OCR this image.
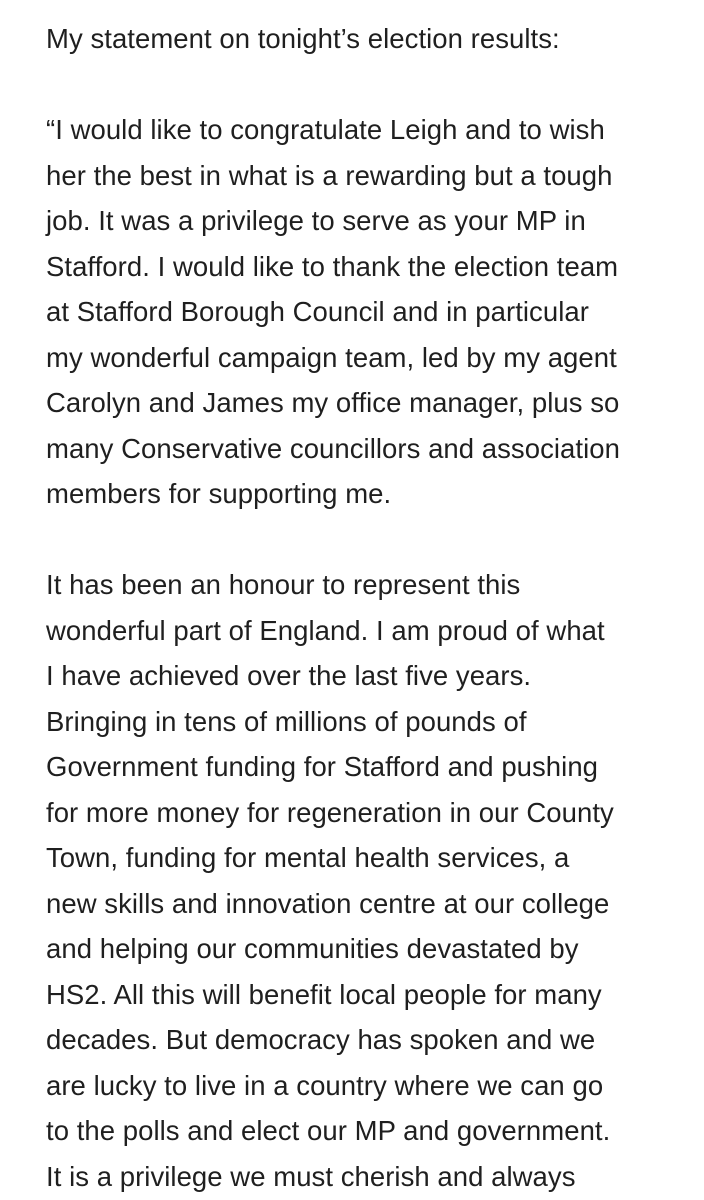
My statement on tonight’s election results:
“I would like to congratulate Leigh and to wish
her the best in what is a rewarding but a tough
job. It was a privilege to serve as your MP in
Stafford. I would like to thank the election team
at Stafford Borough Council and in particular
my wonderful campaign team, led by my agent
Carolyn and James my office manager, plus so
many Conservative councillors and association
members for supporting me.
It has been an honour to represent this
wonderful part of England. I am proud of what
I have achieved over the last five years.
Bringing in tens of millions of pounds of
Government funding for Stafford and pushing
for more money for regeneration in our County
Town, funding for mental health services, a
new skills and innovation centre at our college
and helping our communities devastated by
HS2. All this will benefit local people for many
decades. But democracy has spoken and we
are lucky to live in a country where we can go
to the polls and elect our MP and government.
It is a privilege we must cherish and always
